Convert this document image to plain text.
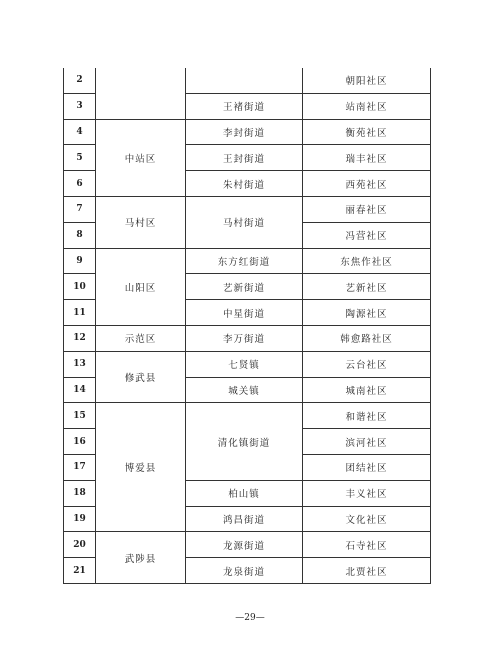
2			朝阳社区
3		王褚街道	站南社区
4	中站区	李封街道	衡苑社区
5		王封街道	瑞丰社区
6		朱村街道	西苑社区
7	马村区	马村街道	丽春社区
8			冯营社区
9	山阳区	东方红街道	东焦作社区
10		艺新街道	艺新社区
11		中星街道	陶源社区
12	示范区	李万街道	韩愈路社区
13	修武县	七贤镇	云台社区
14		城关镇	城南社区
15	博爱县	清化镇街道	和谐社区
16			滨河社区
17			团结社区
18		柏山镇	丰义社区
19		鸿昌街道	文化社区
20	武陟县	龙源街道	石寺社区
21		龙泉街道	北贾社区
—29—
